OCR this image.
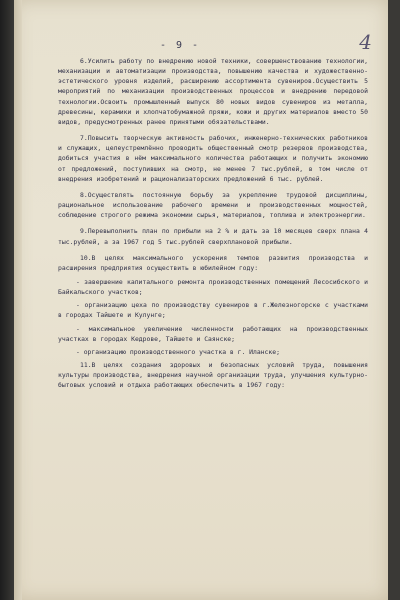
- 9 -	4

6.Усилить работу по внедрению новой техники, совершенствованию технологии, механизации и автоматизации производства, повышению качества и художественно-эстетического уровня изделий, расширению ассортимента сувениров.Осуществить 5 мероприятий по механизации производственных процессов и внедрению передовой технологии.Освоить промышленный выпуск 80 новых видов сувениров из металла, древесины, керамики и хлопчатобумажной пряжи, кожи и других материалов вместо 50 видов, предусмотренных ранее принятыми обязательствами.

7.Повысить творческую активность рабочих, инженерно-технических работников и служащих, целеустремлённо проводить общественный смотр резервов производства, добиться участия в нём максимального количества работающих и получить экономию от предложений, поступивших на смотр, не менее 7 тыс.рублей, в том числе от внедрения изобретений и рационализаторских предложений 6 тыс. рублей.

8.Осуществлять постоянную борьбу за укрепление трудовой дисциплины, рациональное использование рабочего времени и производственных мощностей, соблюдение строгого режима экономии сырья, материалов, топлива и электроэнергии.

9.Перевыполнить план по прибыли на 2 % и дать за 10 месяцев сверх плана 4 тыс.рублей, а за 1967 год 5 тыс.рублей сверхплановой прибыли.

10.В целях максимального ускорения темпов развития производства и расширения предприятия осуществить в юбилейном году:

- завершение капитального ремонта производственных помещений Лесосибского и Байкальского участков;

- организацию цеха по производству сувениров в г.Железногорске с участками в городах Тайшете и Кулунге;

- максимальное увеличение численности работающих на производственных участках в городах Кедрове, Тайшете и Саянске;

- организацию производственного участка в г. Иланске;

11.В целях создания здоровых и безопасных условий труда, повышения культуры производства, внедрения научной организации труда, улучшения культурно-бытовых условий и отдыха работающих обеспечить в 1967 году:
